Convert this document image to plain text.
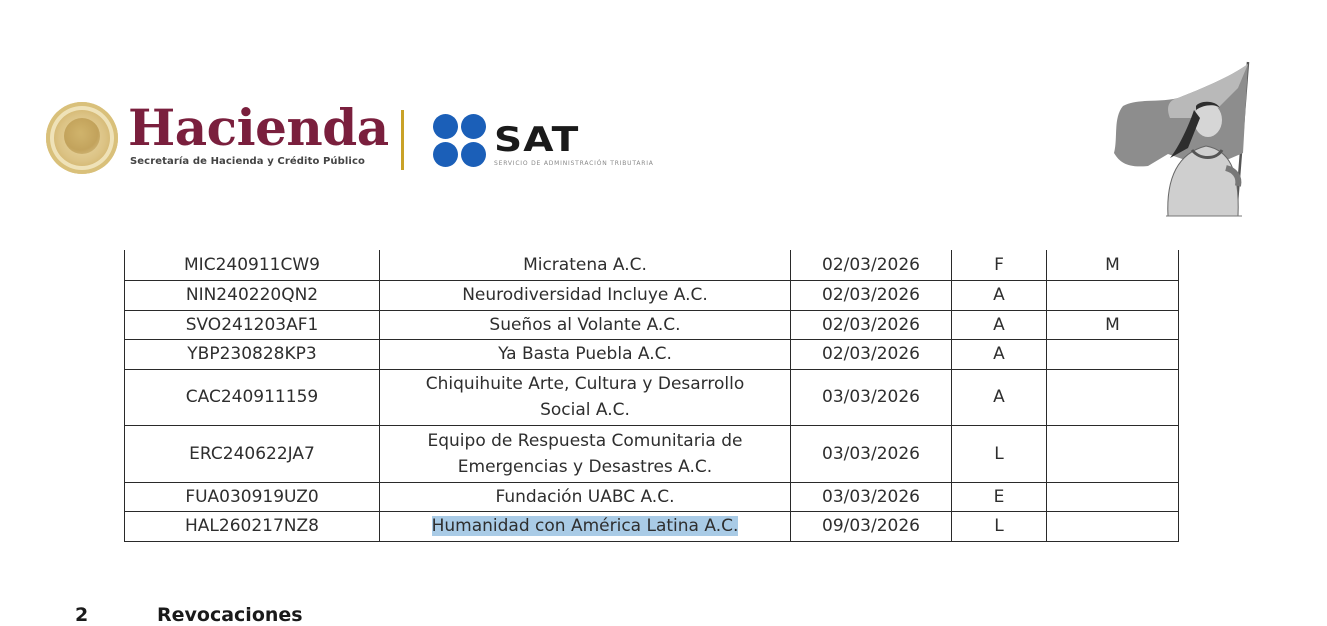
Hacienda
Secretaría de Hacienda y Crédito Público
SAT
SERVICIO DE ADMINISTRACIÓN TRIBUTARIA
MIC240911CW9	Micratena A.C.	02/03/2026	F	M
NIN240220QN2	Neurodiversidad Incluye A.C.	02/03/2026	A	
SVO241203AF1	Sueños al Volante A.C.	02/03/2026	A	M
YBP230828KP3	Ya Basta Puebla A.C.	02/03/2026	A	
CAC240911159	Chiquihuite Arte, Cultura y Desarrollo Social A.C.	03/03/2026	A	
ERC240622JA7	Equipo de Respuesta Comunitaria de Emergencias y Desastres A.C.	03/03/2026	L	
FUA030919UZ0	Fundación UABC A.C.	03/03/2026	E	
HAL260217NZ8	Humanidad con América Latina A.C.	09/03/2026	L	
2	Revocaciones
